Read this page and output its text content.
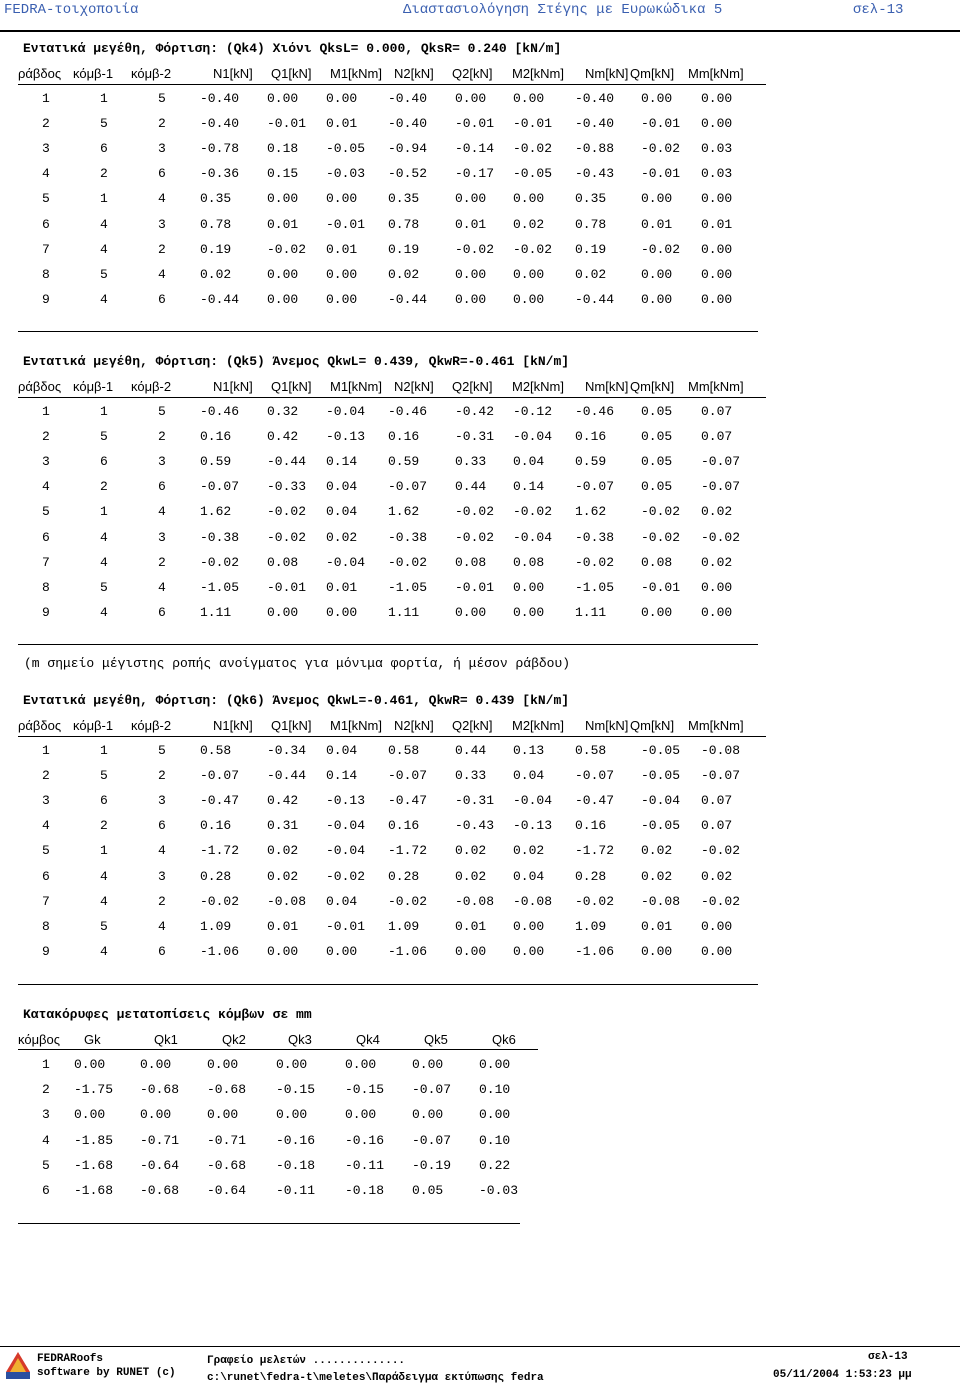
FEDRA-τοιχοποιία	Διαστασιολόγηση Στέγης με Ευρωκώδικα 5	σελ-13
Εντατικά μεγέθη, Φόρτιση: (Qk4) Χιόνι QksL= 0.000, QksR= 0.240 [kN/m]
ράβδος κόμβ-1 κόμβ-2	N1[kN] Q1[kN] M1[kNm] N2[kN] Q2[kN] M2[kNm] Nm[kN] Qm[kN] Mm[kNm]
1	1	5	-0.40 0.00 0.00 -0.40 0.00 0.00 -0.40 0.00 0.00
2	5	2	-0.40 -0.01 0.01 -0.40 -0.01 -0.01 -0.40 -0.01 0.00
3	6	3	-0.78 0.18 -0.05 -0.94 -0.14 -0.02 -0.88 -0.02 0.03
4	2	6	-0.36 0.15 -0.03 -0.52 -0.17 -0.05 -0.43 -0.01 0.03
5	1	4	0.35	0.00 0.00 0.35	0.00 0.00 0.35	0.00 0.00
6	4	3	0.78	0.01 -0.01 0.78	0.01 0.02 0.78	0.01 0.01
7	4	2	0.19	-0.02 0.01 0.19	-0.02 -0.02 0.19	-0.02 0.00
8	5	4	0.02	0.00 0.00 0.02	0.00 0.00 0.02	0.00 0.00
9	4	6	-0.44 0.00 0.00 -0.44 0.00 0.00 -0.44 0.00 0.00
Εντατικά μεγέθη, Φόρτιση: (Qk5) Άνεμος QkwL= 0.439, QkwR=-0.461 [kN/m]
ράβδος κόμβ-1 κόμβ-2	N1[kN] Q1[kN] M1[kNm] N2[kN] Q2[kN] M2[kNm] Nm[kN] Qm[kN] Mm[kNm]
1	1	5	-0.46 0.32 -0.04 -0.46 -0.42 -0.12 -0.46 0.05 0.07
2	5	2	0.16	0.42 -0.13 0.16	-0.31 -0.04 0.16	0.05 0.07
3	6	3	0.59	-0.44 0.14 0.59	0.33 0.04 0.59	0.05 -0.07
4	2	6	-0.07 -0.33 0.04 -0.07 0.44 0.14 -0.07 0.05 -0.07
5	1	4	1.62	-0.02 0.04 1.62	-0.02 -0.02 1.62	-0.02 0.02
6	4	3	-0.38 -0.02 0.02 -0.38 -0.02 -0.04 -0.38 -0.02 -0.02
7	4	2	-0.02 0.08 -0.04 -0.02 0.08 0.08 -0.02 0.08 0.02
8	5	4	-1.05 -0.01 0.01 -1.05 -0.01 0.00 -1.05 -0.01 0.00
9	4	6	1.11	0.00 0.00 1.11	0.00 0.00 1.11	0.00 0.00
Εντατικά μεγέθη, Φόρτιση: (Qk6) Άνεμος QkwL=-0.461, QkwR= 0.439 [kN/m]
ράβδος κόμβ-1 κόμβ-2	N1[kN] Q1[kN] M1[kNm] N2[kN] Q2[kN] M2[kNm] Nm[kN] Qm[kN] Mm[kNm]
1	1	5	0.58	-0.34 0.04 0.58	0.44 0.13 0.58	-0.05 -0.08
2	5	2	-0.07 -0.44 0.14 -0.07 0.33 0.04 -0.07 -0.05 -0.07
3	6	3	-0.47 0.42 -0.13 -0.47 -0.31 -0.04 -0.47 -0.04 0.07
4	2	6	0.16	0.31 -0.04 0.16	-0.43 -0.13 0.16	-0.05 0.07
5	1	4	-1.72 0.02 -0.04 -1.72 0.02 0.02 -1.72 0.02 -0.02
6	4	3	0.28	0.02 -0.02 0.28	0.02 0.04 0.28	0.02 0.02
7	4	2	-0.02 -0.08 0.04 -0.02 -0.08 -0.08 -0.02 -0.08 -0.02
8	5	4	1.09	0.01 -0.01 1.09	0.01 0.00 1.09	0.01 0.00
9	4	6	-1.06 0.00 0.00 -1.06 0.00 0.00 -1.06 0.00 0.00
Κατακόρυφες μετατοπίσεις κόμβων σε mm
κόμβος Gk	Qk1	Qk2	Qk3	Qk4	Qk5	Qk6
1 0.00	0.00	0.00	0.00	0.00	0.00	0.00
2 -1.75 -0.68 -0.68 -0.15 -0.15 -0.07 0.10
3 0.00	0.00	0.00	0.00	0.00	0.00	0.00
4 -1.85 -0.71 -0.71 -0.16 -0.16 -0.07 0.10
5 -1.68 -0.64 -0.68 -0.18 -0.11 -0.19 0.22
6 -1.68 -0.68 -0.64 -0.11 -0.18 0.05	-0.03
(m σημείο μέγιστης ροπής ανοίγματος για μόνιμα φορτία, ή μέσον ράβδου)
FEDRARoofs
software by RUNET (c)
Γραφείο μελετών ..............
c:\runet\fedra-t\meletes\Παράδειγμα εκτύπωσης fedra
σελ-13
05/11/2004 1:53:23 μμ
